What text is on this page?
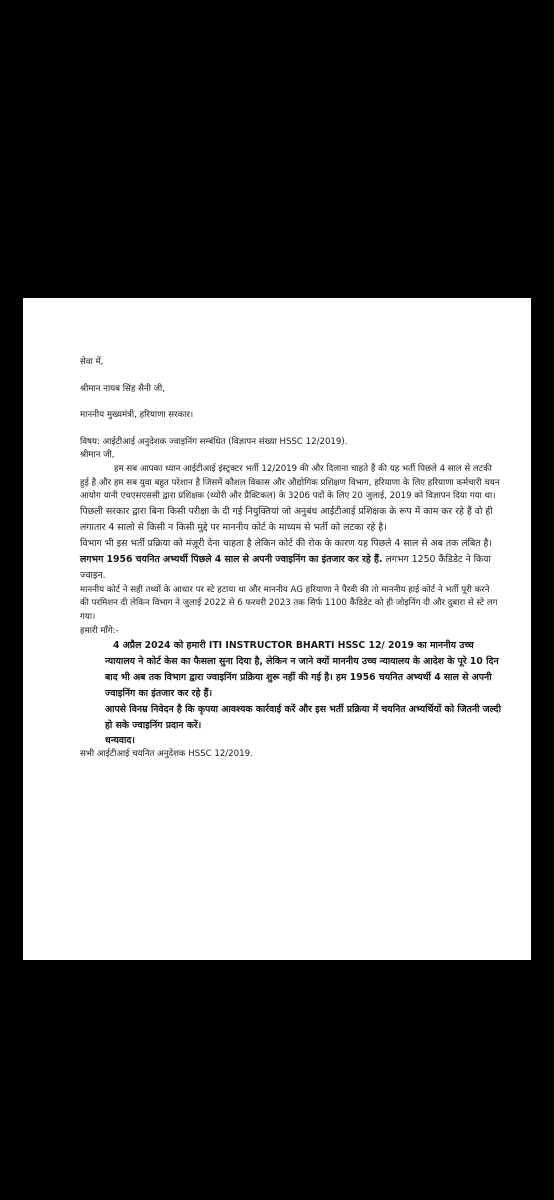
सेवा में,

श्रीमान नायब सिंह सैनी जी,

माननीय मुख्यमंत्री, हरियाणा सरकार।

विषय: आईटीआई अनुदेशक ज्वाइनिंग सम्बंधित (विज्ञापन संख्या HSSC 12/2019).

श्रीमान जी,

हम सब आपका ध्यान आईटीआई इंस्ट्रक्टर भर्ती 12/2019 की और दिलाना चाहते हैं की यह भर्ती पिछले 4 साल से लटकी हुई है और हम सब युवा बहुत परेशान है जिसमें कौशल विकास और औद्योगिक प्रशिक्षण विभाग, हरियाणा के लिए हरियाणा कर्मचारी चयन आयोग यानी एचएसएससी द्वारा प्रशिक्षक (थ्योरी और प्रैक्टिकल) के 3206 पदों के लिए 20 जुलाई, 2019 को विज्ञापन दिया गया था।

पिछली सरकार द्वारा बिना किसी परीक्षा के दी गई नियुक्तियां जो अनुबंध आईटीआई प्रशिक्षक के रूप में काम कर रहे हैं वो ही लगातार 4 सालो से किसी न किसी मुद्दे पर माननीय कोर्ट के माध्यम से भर्ती को लटका रहे है।

विभाग भी इस भर्ती प्रक्रिया को मंज़ूरी देना चाहता है लेकिन कोर्ट की रोक के कारण यह पिछले 4 साल से अब तक लंबित है।

लगभग 1956 चयनित अभ्यर्थी पिछले 4 साल से अपनी ज्वाइनिंग का इंतजार कर रहे हैं. लगभग 1250 कैंडिडेट ने किया ज्वाइन.

माननीय कोर्ट ने सही तथ्यों के आधार पर स्टे हटाया था और माननीय AG हरियाणा ने पैरवी की तो माननीय हाई कोर्ट ने भर्ती पूरी करने की परमिशन दी लेकिन विभाग ने जुलाई 2022 से 6 फरवरी 2023 तक सिर्फ 1100 कैंडिडेट को ही जोइनिंग दी और दुबारा से स्टे लग गया।

हमारी माँगे:-

4 अप्रैल 2024 को हमारी ITI INSTRUCTOR BHARTI HSSC 12/ 2019 का माननीय उच्च न्यायालय ने कोर्ट केस का फैसला सुना दिया है, लेकिन न जाने क्यों माननीय उच्च न्यायालय के आदेश के पूरे 10 दिन बाद भी अब तक विभाग द्वारा ज्वाइनिंग प्रक्रिया शुरू नहीं की गई है। हम 1956 चयनित अभ्यर्थी 4 साल से अपनी ज्वाइनिंग का इंतजार कर रहे हैं।

आपसे विनम्र निवेदन है कि कृपया आवश्यक कार्रवाई करें और इस भर्ती प्रक्रिया में चयनित अभ्यर्थियों को जितनी जल्दी हो सके ज्वाइनिंग प्रदान करें।

धन्यवाद।

सभी आईटीआई चयनित अनुदेशक HSSC 12/2019.
